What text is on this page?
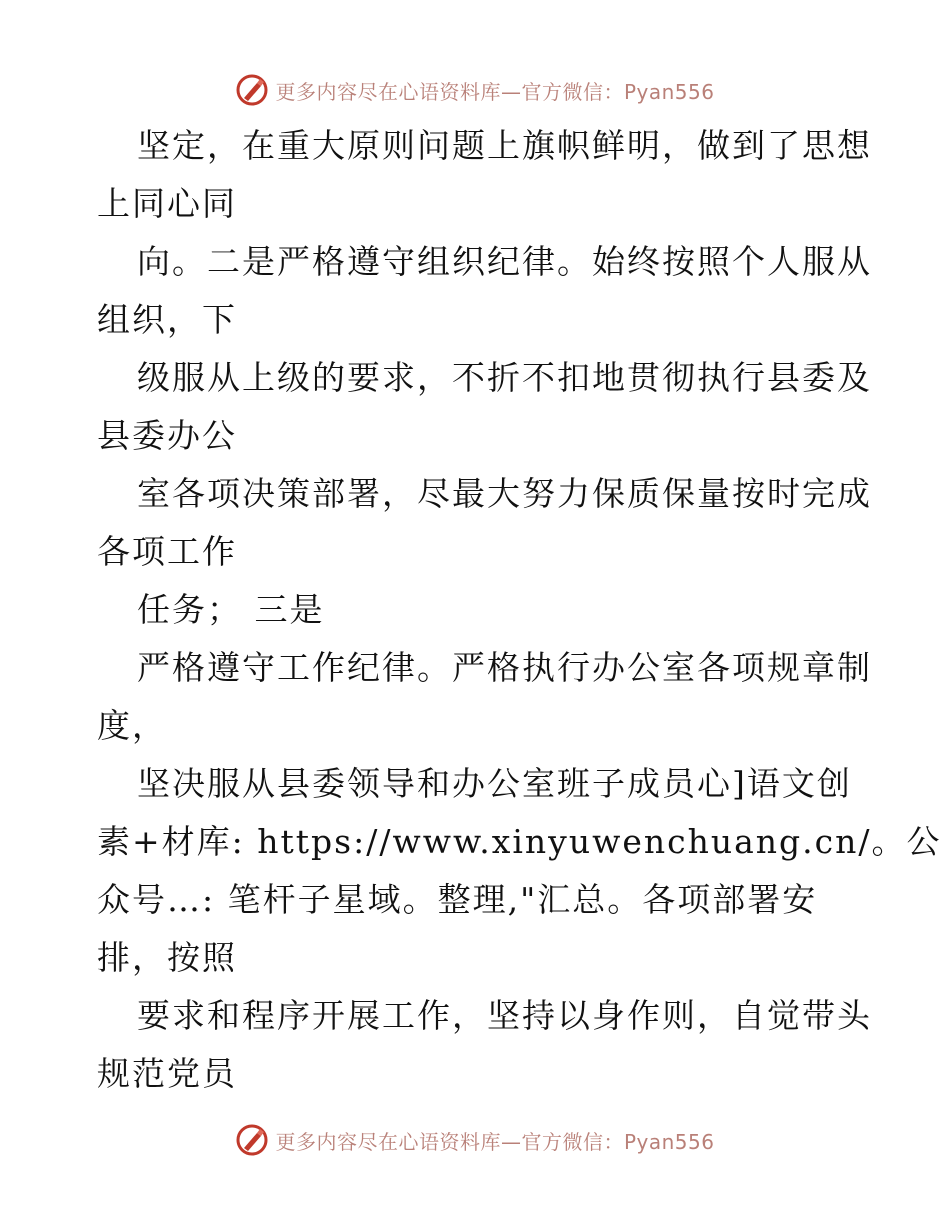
更多内容尽在心语资料库—官方微信：Pyan556
坚定，在重大原则问题上旗帜鲜明，做到了思想
上同心同
向。二是严格遵守组织纪律。始终按照个人服从
组织，下
级服从上级的要求，不折不扣地贯彻执行县委及
县委办公
室各项决策部署，尽最大努力保质保量按时完成
各项工作
任务； 三是
严格遵守工作纪律。严格执行办公室各项规章制
度，
坚决服从县委领导和办公室班子成员心]语文创
素+材库: https://www.xinyuwenchuang.cn/。公
众号…: 笔杆子星域。整理,"汇总。各项部署安
排，按照
要求和程序开展工作，坚持以身作则，自觉带头
规范党员
更多内容尽在心语资料库—官方微信：Pyan556
